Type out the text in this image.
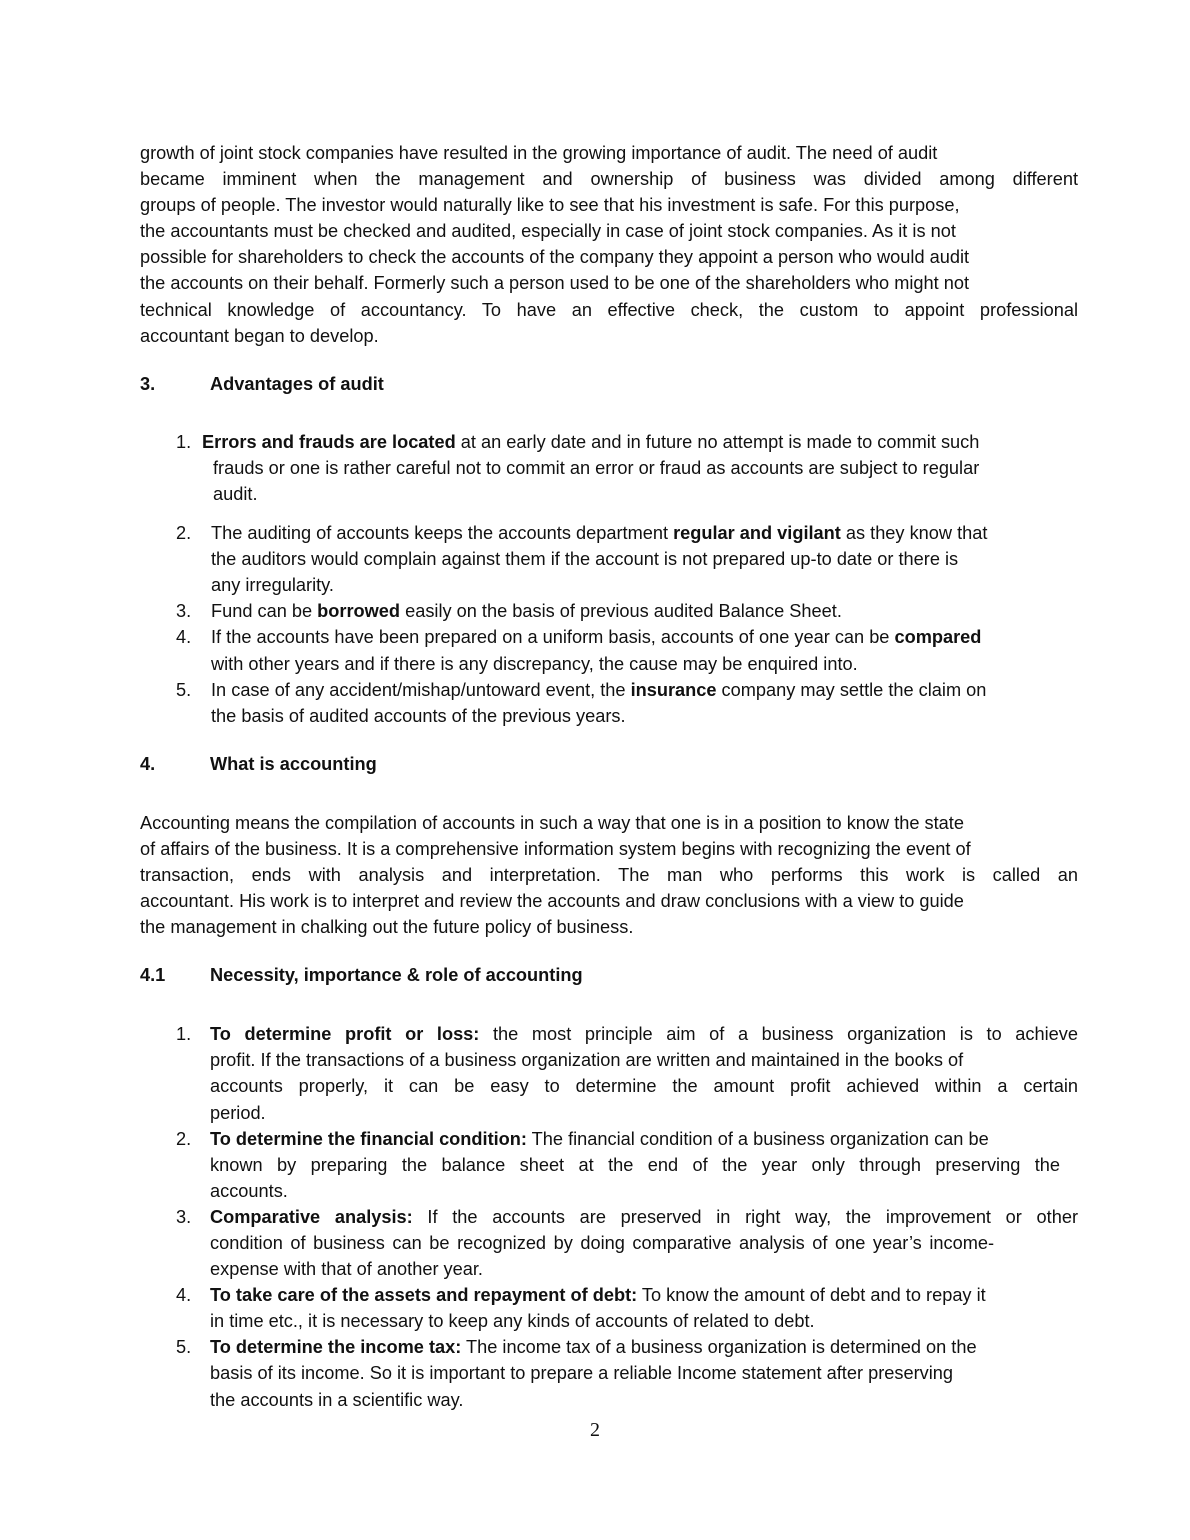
growth of joint stock companies have resulted in the growing importance of audit. The need of audit
became imminent when the management and ownership of business was divided among different
groups of people. The investor would naturally like to see that his investment is safe. For this purpose,
the accountants must be checked and audited, especially in case of joint stock companies. As it is not
possible for shareholders to check the accounts of the company they appoint a person who would audit
the accounts on their behalf. Formerly such a person used to be one of the shareholders who might not
technical knowledge of accountancy. To have an effective check, the custom to appoint professional
accountant began to develop.
3.	Advantages of audit
1. Errors and frauds are located at an early date and in future no attempt is made to commit such
frauds or one is rather careful not to commit an error or fraud as accounts are subject to regular
audit.
2. The auditing of accounts keeps the accounts department regular and vigilant as they know that
the auditors would complain against them if the account is not prepared up-to date or there is
any irregularity.
3. Fund can be borrowed easily on the basis of previous audited Balance Sheet.
4. If the accounts have been prepared on a uniform basis, accounts of one year can be compared
with other years and if there is any discrepancy, the cause may be enquired into.
5. In case of any accident/mishap/untoward event, the insurance company may settle the claim on
the basis of audited accounts of the previous years.
4.	What is accounting
Accounting means the compilation of accounts in such a way that one is in a position to know the state
of affairs of the business. It is a comprehensive information system begins with recognizing the event of
transaction, ends with analysis and interpretation. The man who performs this work is called an
accountant. His work is to interpret and review the accounts and draw conclusions with a view to guide
the management in chalking out the future policy of business.
4.1	Necessity, importance & role of accounting
1. To determine profit or loss: the most principle aim of a business organization is to achieve
profit. If the transactions of a business organization are written and maintained in the books of
accounts properly, it can be easy to determine the amount profit achieved within a certain
period.
2. To determine the financial condition: The financial condition of a business organization can be
known by preparing the balance sheet at the end of the year only through preserving the
accounts.
3. Comparative analysis: If the accounts are preserved in right way, the improvement or other
condition of business can be recognized by doing comparative analysis of one year’s income-
expense with that of another year.
4. To take care of the assets and repayment of debt: To know the amount of debt and to repay it
in time etc., it is necessary to keep any kinds of accounts of related to debt.
5. To determine the income tax: The income tax of a business organization is determined on the
basis of its income. So it is important to prepare a reliable Income statement after preserving
the accounts in a scientific way.
2
